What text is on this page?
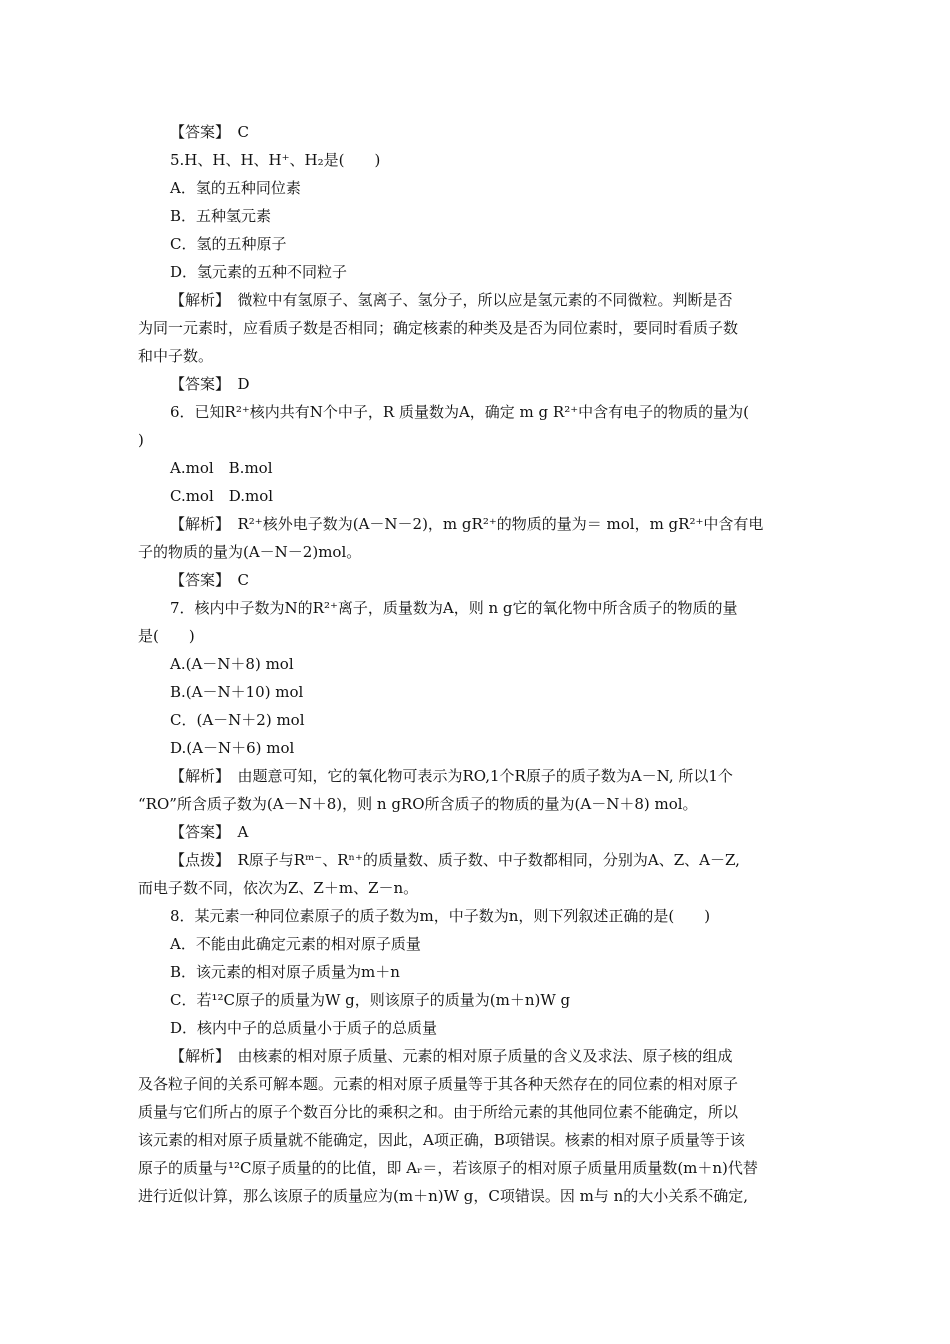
【答案】　C
5.H、H、H、H⁺、H₂是(　　)
A．氢的五种同位素
B．五种氢元素
C．氢的五种原子
D．氢元素的五种不同粒子
【解析】　微粒中有氢原子、氢离子、氢分子，所以应是氢元素的不同微粒。判断是否
为同一元素时，应看质子数是否相同；确定核素的种类及是否为同位素时，要同时看质子数
和中子数。
【答案】　D
6．已知R²⁺核内共有N个中子，R 质量数为A，确定 m g R²⁺中含有电子的物质的量为(
)
A.mol　B.mol
C.mol　D.mol
【解析】　R²⁺核外电子数为(A－N－2)，m gR²⁺的物质的量为＝ mol，m gR²⁺中含有电
子的物质的量为(A－N－2)mol。
【答案】　C
7．核内中子数为N的R²⁺离子，质量数为A，则 n g它的氧化物中所含质子的物质的量
是(　　)
A.(A－N＋8) mol
B.(A－N＋10) mol
C．(A－N＋2) mol
D.(A－N＋6) mol
【解析】　由题意可知，它的氧化物可表示为RO,1个R原子的质子数为A－N, 所以1个
“RO”所含质子数为(A－N＋8)，则 n gRO所含质子的物质的量为(A－N＋8) mol。
【答案】　A
【点拨】　R原子与Rᵐ⁻、Rⁿ⁺的质量数、质子数、中子数都相同，分别为A、Z、A－Z,
而电子数不同，依次为Z、Z＋m、Z－n。
8．某元素一种同位素原子的质子数为m，中子数为n，则下列叙述正确的是(　　)
A．不能由此确定元素的相对原子质量
B．该元素的相对原子质量为m＋n
C．若¹²C原子的质量为W g，则该原子的质量为(m＋n)W g
D．核内中子的总质量小于质子的总质量
【解析】　由核素的相对原子质量、元素的相对原子质量的含义及求法、原子核的组成
及各粒子间的关系可解本题。元素的相对原子质量等于其各种天然存在的同位素的相对原子
质量与它们所占的原子个数百分比的乘积之和。由于所给元素的其他同位素不能确定，所以
该元素的相对原子质量就不能确定，因此，A项正确，B项错误。核素的相对原子质量等于该
原子的质量与¹²C原子质量的的比值，即 Aᵣ＝，若该原子的相对原子质量用质量数(m＋n)代替
进行近似计算，那么该原子的质量应为(m＋n)W g，C项错误。因 m与 n的大小关系不确定,
